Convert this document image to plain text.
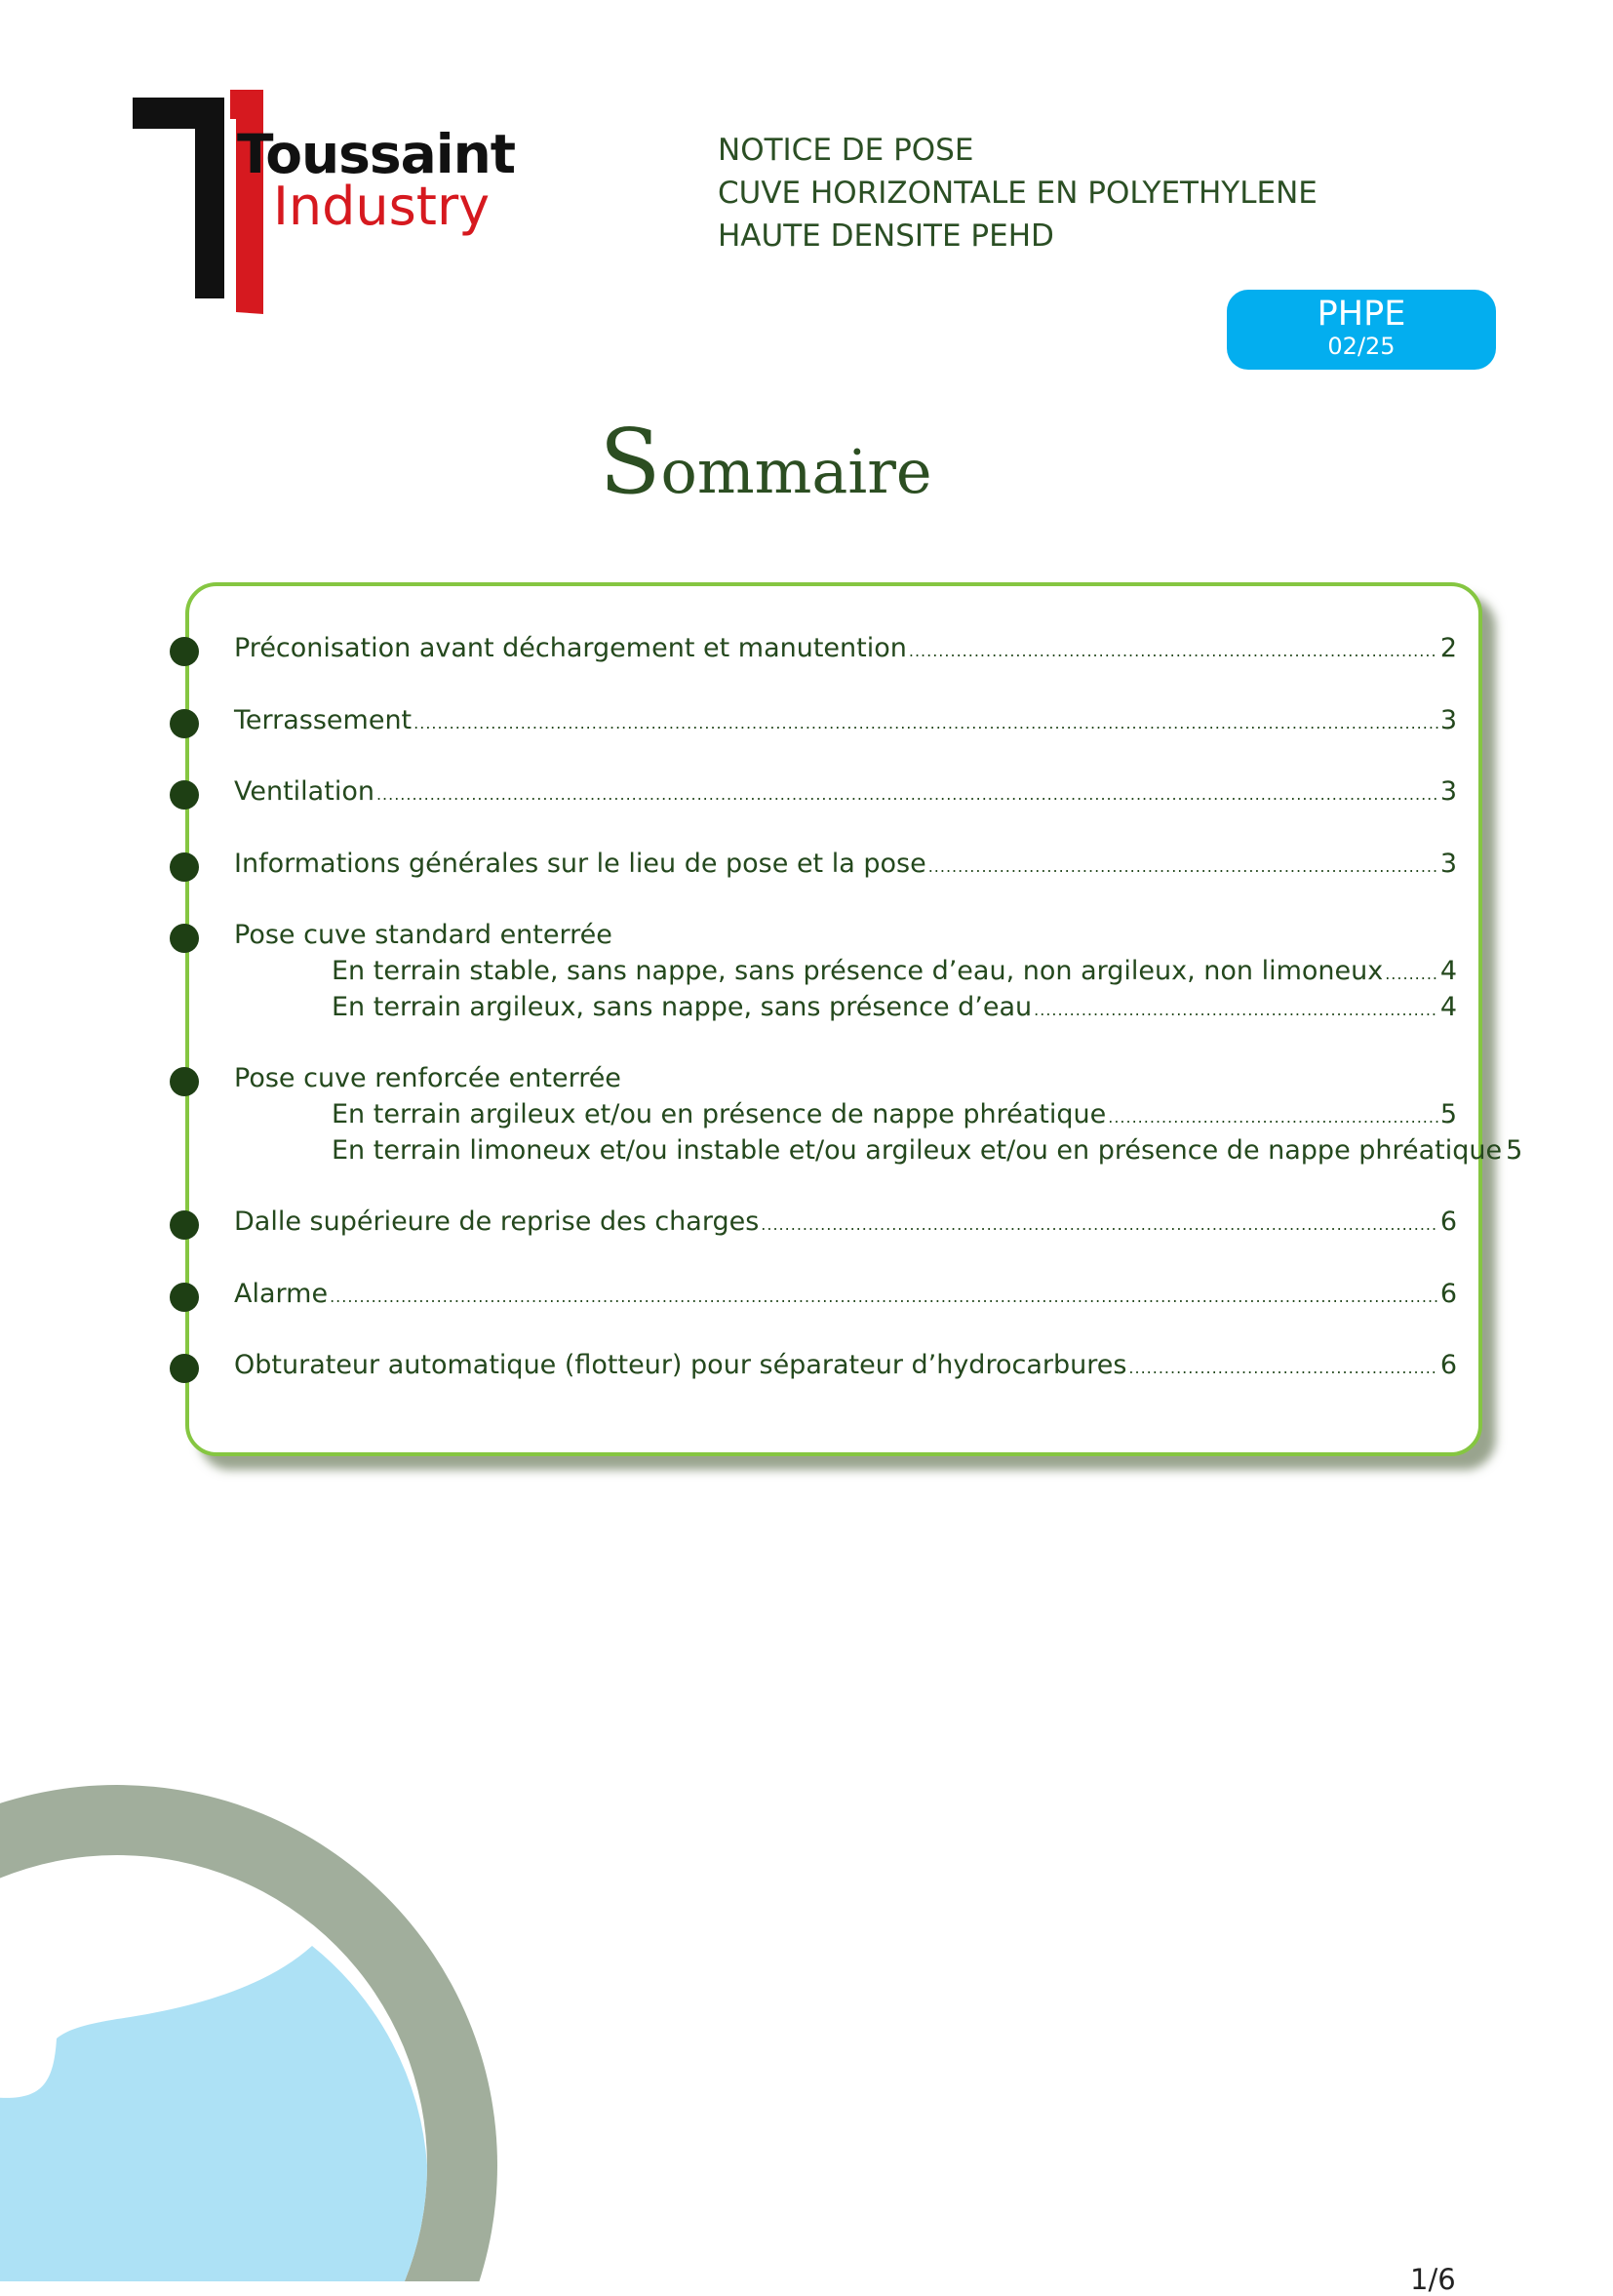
Toussaint
Industry
NOTICE DE POSE
CUVE HORIZONTALE EN POLYETHYLENE
HAUTE DENSITE PEHD
PHPE
02/25
Sommaire
Préconisation avant déchargement et manutention .....	2
Terrassement .....	3
Ventilation .....	3
Informations générales sur le lieu de pose et la pose .....	3
Pose cuve standard enterrée
En terrain stable, sans nappe, sans présence d’eau, non argileux, non limoneux ..... 4
En terrain argileux, sans nappe, sans présence d’eau .....	4
Pose cuve renforcée enterrée
En terrain argileux et/ou en présence de nappe phréatique .....	5
En terrain limoneux et/ou instable et/ou argileux et/ou en présence de nappe phréatique 5
Dalle supérieure de reprise des charges .....	6
Alarme .....	6
Obturateur automatique (flotteur) pour séparateur d’hydrocarbures .....	6
1/6
